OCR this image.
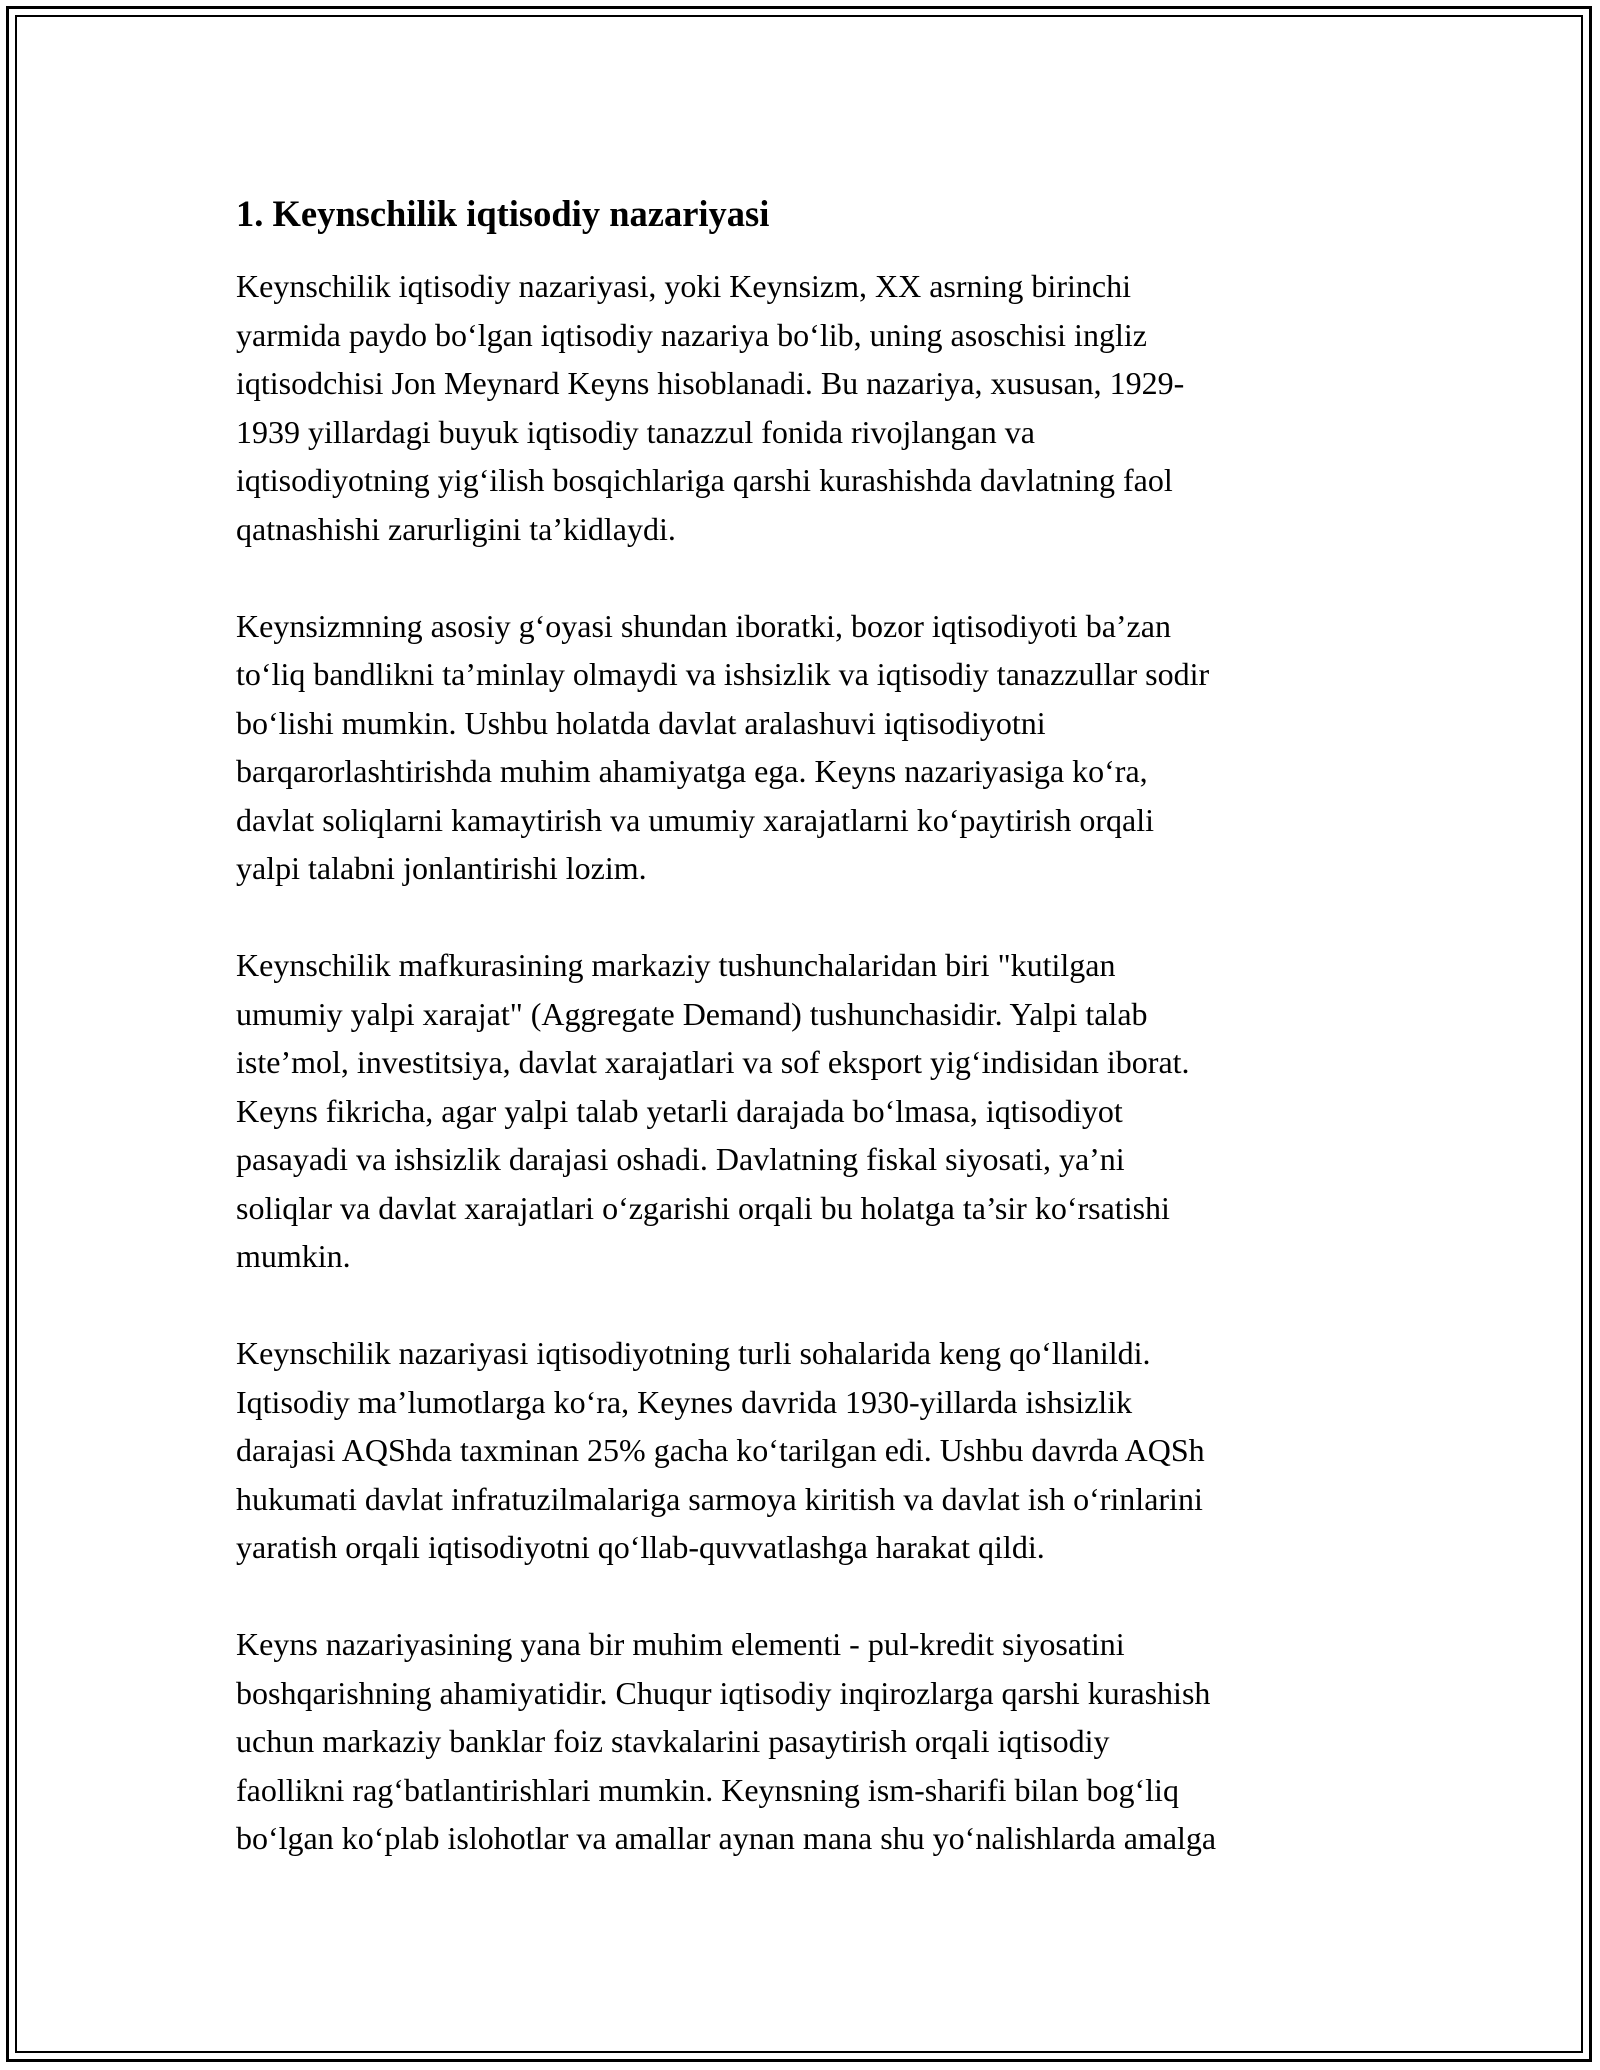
1. Keynschilik iqtisodiy nazariyasi

Keynschilik iqtisodiy nazariyasi, yoki Keynsizm, XX asrning birinchi
yarmida paydo bo‘lgan iqtisodiy nazariya bo‘lib, uning asoschisi ingliz
iqtisodchisi Jon Meynard Keyns hisoblanadi. Bu nazariya, xususan, 1929-
1939 yillardagi buyuk iqtisodiy tanazzul fonida rivojlangan va
iqtisodiyotning yig‘ilish bosqichlariga qarshi kurashishda davlatning faol
qatnashishi zarurligini ta’kidlaydi.

Keynsizmning asosiy g‘oyasi shundan iboratki, bozor iqtisodiyoti ba’zan
to‘liq bandlikni ta’minlay olmaydi va ishsizlik va iqtisodiy tanazzullar sodir
bo‘lishi mumkin. Ushbu holatda davlat aralashuvi iqtisodiyotni
barqarorlashtirishda muhim ahamiyatga ega. Keyns nazariyasiga ko‘ra,
davlat soliqlarni kamaytirish va umumiy xarajatlarni ko‘paytirish orqali
yalpi talabni jonlantirishi lozim.

Keynschilik mafkurasining markaziy tushunchalaridan biri "kutilgan
umumiy yalpi xarajat" (Aggregate Demand) tushunchasidir. Yalpi talab
iste’mol, investitsiya, davlat xarajatlari va sof eksport yig‘indisidan iborat.
Keyns fikricha, agar yalpi talab yetarli darajada bo‘lmasa, iqtisodiyot
pasayadi va ishsizlik darajasi oshadi. Davlatning fiskal siyosati, ya’ni
soliqlar va davlat xarajatlari o‘zgarishi orqali bu holatga ta’sir ko‘rsatishi
mumkin.

Keynschilik nazariyasi iqtisodiyotning turli sohalarida keng qo‘llanildi.
Iqtisodiy ma’lumotlarga ko‘ra, Keynes davrida 1930-yillarda ishsizlik
darajasi AQShda taxminan 25% gacha ko‘tarilgan edi. Ushbu davrda AQSh
hukumati davlat infratuzilmalariga sarmoya kiritish va davlat ish o‘rinlarini
yaratish orqali iqtisodiyotni qo‘llab-quvvatlashga harakat qildi.

Keyns nazariyasining yana bir muhim elementi - pul-kredit siyosatini
boshqarishning ahamiyatidir. Chuqur iqtisodiy inqirozlarga qarshi kurashish
uchun markaziy banklar foiz stavkalarini pasaytirish orqali iqtisodiy
faollikni rag‘batlantirishlari mumkin. Keynsning ism-sharifi bilan bog‘liq
bo‘lgan ko‘plab islohotlar va amallar aynan mana shu yo‘nalishlarda amalga
